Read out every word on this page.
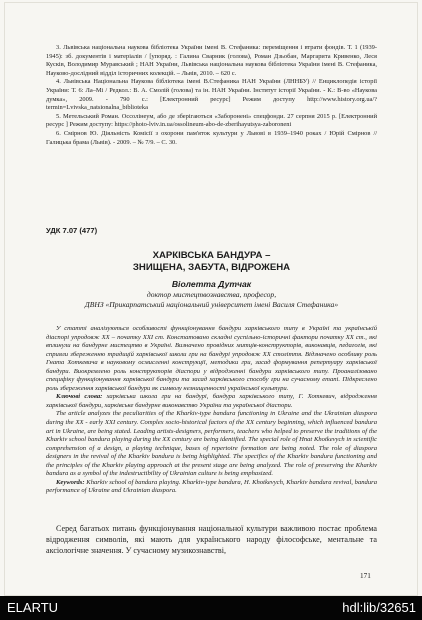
3. Львівська національна наукова бібліотека України імені В. Стефаника: переміщення і втрати фондів. Т. 1 (1939-1945): зб. документів і матеріалів / [упоряд. : Галина Сварник (голова), Роман Дзьобан, Маргарита Кривенко, Леся Кусків, Володимир Муравський ; НАН України, Львівська національна наукова бібліотека України імені В. Стефаника, Науково-дослідний відділ історичних колекцій. – Львів, 2010. – 620 с.

4. Львівська Національна Наукова бібліотека імені В.Стефаника НАН України (ЛННБУ) // Енциклопедія історії України: Т. 6: Ла–Мі / Редкол.: В. А. Смолій (голова) та ін. НАН України. Інститут історії України. - К.: В-во «Наукова думка», 2009. - 790 с.: [Електронний ресурс] Режим доступу http://www.history.org.ua/?termin=Lvivska_natsionalna_biblioteka

5. Метельський Роман. Оссолінеум, або де зберігаються «Заборонені» спецфонди. 27 серпня 2015 р. [Електронний ресурс ] Режим доступу: https://photo-lviv.in.ua/ossolineum-abo-de-zberihayutsya-zaboroneni

6. Смірнов Ю. Діяльність Комісії з охорони пам'яток культури у Львові в 1939–1940 роках / Юрій Смірнов // Галицька брама (Львів). - 2009. – № 7/9. – С. 30.

УДК 7.07 (477)
ХАРКІВСЬКА БАНДУРА –
ЗНИЩЕНА, ЗАБУТА, ВІДРОЖЕНА
Віолетта Дутчак
доктор мистецтвознавства, професор,
ДВНЗ «Прикарпатський національний університет імені Василя Стефаника»

У статті аналізуються особливості функціонування бандури харківського типу в Україні та українській діаспорі упродовж XX – початку XXI ст. Констатовано складні суспільно-історичні фактори початку XX ст., які вплинули на бандурне мистецтво в Україні. Визначено провідних митців-конструкторів, виконавців, педагогів, які сприяли збереженню традицій харківської школи гри на бандурі упродовж XX століття. Відзначено особливу роль Гната Хоткевича в науковому осмисленні конструкції, методики гри, засад формування репертуару харківської бандури. Виокремлено роль конструкторів діаспори у відродженні бандури харківського типу. Проаналізовано специфіку функціонування харківської бандури та засад харківського способу гри на сучасному етапі. Підкреслено роль збереження харківської бандури як символу незнищенності української культури.

Ключові слова: харківська школа гри на бандурі, бандура харківського типу, Г. Хоткевич, відродження харківської бандури, харківське бандурне виконавство України та української діаспори.

The article analyzes the peculiarities of the Kharkiv-type bandura functioning in Ukraine and the Ukrainian diaspora during the XX - early XXI century. Complex socio-historical factors of the XX century beginning, which influenced bandura art in Ukraine, are being stated. Leading artists-designers, performers, teachers who helped to preserve the traditions of the Kharkiv school bandura playing during the XX century are being identified. The special role of Hnat Khotkevych in scientific comprehension of a design, a playing technique, bases of repertoire formation are being noted. The role of diaspora designers in the revival of the Kharkiv bandura is being highlighted. The specifics of the Kharkiv bandura functioning and the principles of the Kharkiv playing approach at the present stage are being analyzed. The role of preserving the Kharkiv bandura as a symbol of the indestructibility of Ukrainian culture is being emphasized.

Keywords: Kharkiv school of bandura playing. Kharkiv-type bandura, H. Khotkevych, Kharkiv bandura revival, bandura performance of Ukraine and Ukrainian diaspora.

Серед багатьох питань функціонування національної культури важливою постає проблема відродження символів, які мають для українського народу філософське, ментальне та аксіологічне значення. У сучасному музикознавстві,

171
ELARTU	hdl:lib/32651
